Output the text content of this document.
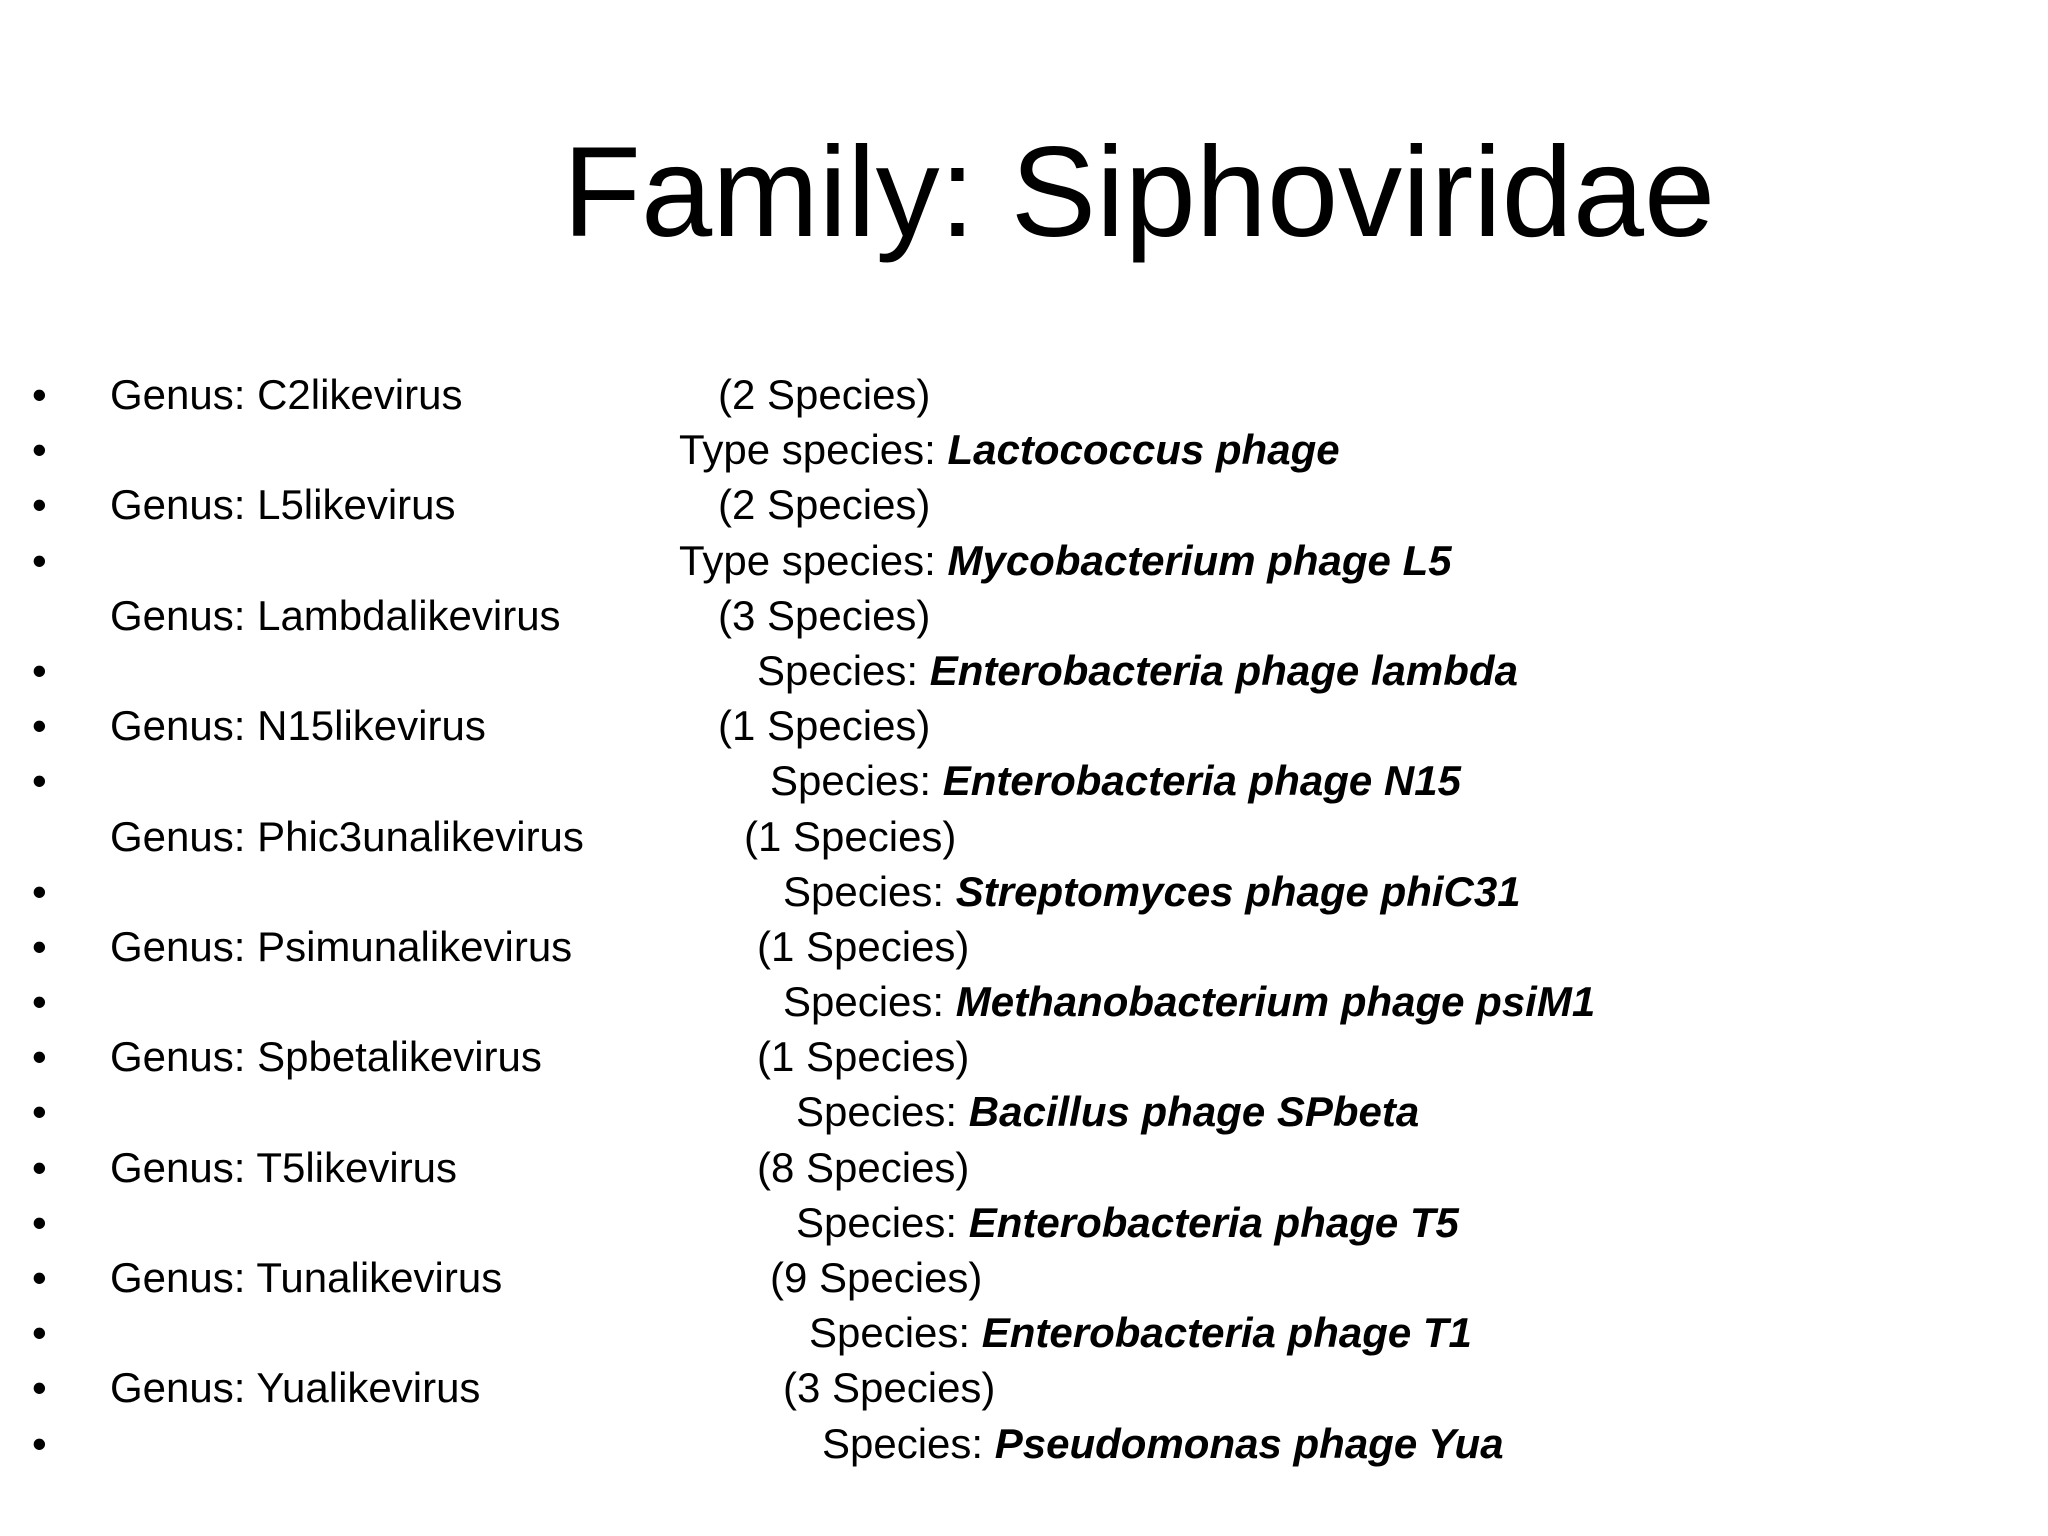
Family: Siphoviridae
• Genus: C2likevirus	(2 Species)
•	Type species: Lactococcus phage
• Genus: L5likevirus	(2 Species)
•	Type species: Mycobacterium phage L5
Genus: Lambdalikevirus	(3 Species)
•	Species: Enterobacteria phage lambda
• Genus: N15likevirus	(1 Species)
•	Species: Enterobacteria phage N15
Genus: Phic3unalikevirus	(1 Species)
•	Species: Streptomyces phage phiC31
• Genus: Psimunalikevirus	(1 Species)
•	Species: Methanobacterium phage psiM1
• Genus: Spbetalikevirus	(1 Species)
•	Species: Bacillus phage SPbeta
• Genus: T5likevirus	(8 Species)
•	Species: Enterobacteria phage T5
• Genus: Tunalikevirus	(9 Species)
•	Species: Enterobacteria phage T1
• Genus: Yualikevirus	(3 Species)
•	Species: Pseudomonas phage Yua
